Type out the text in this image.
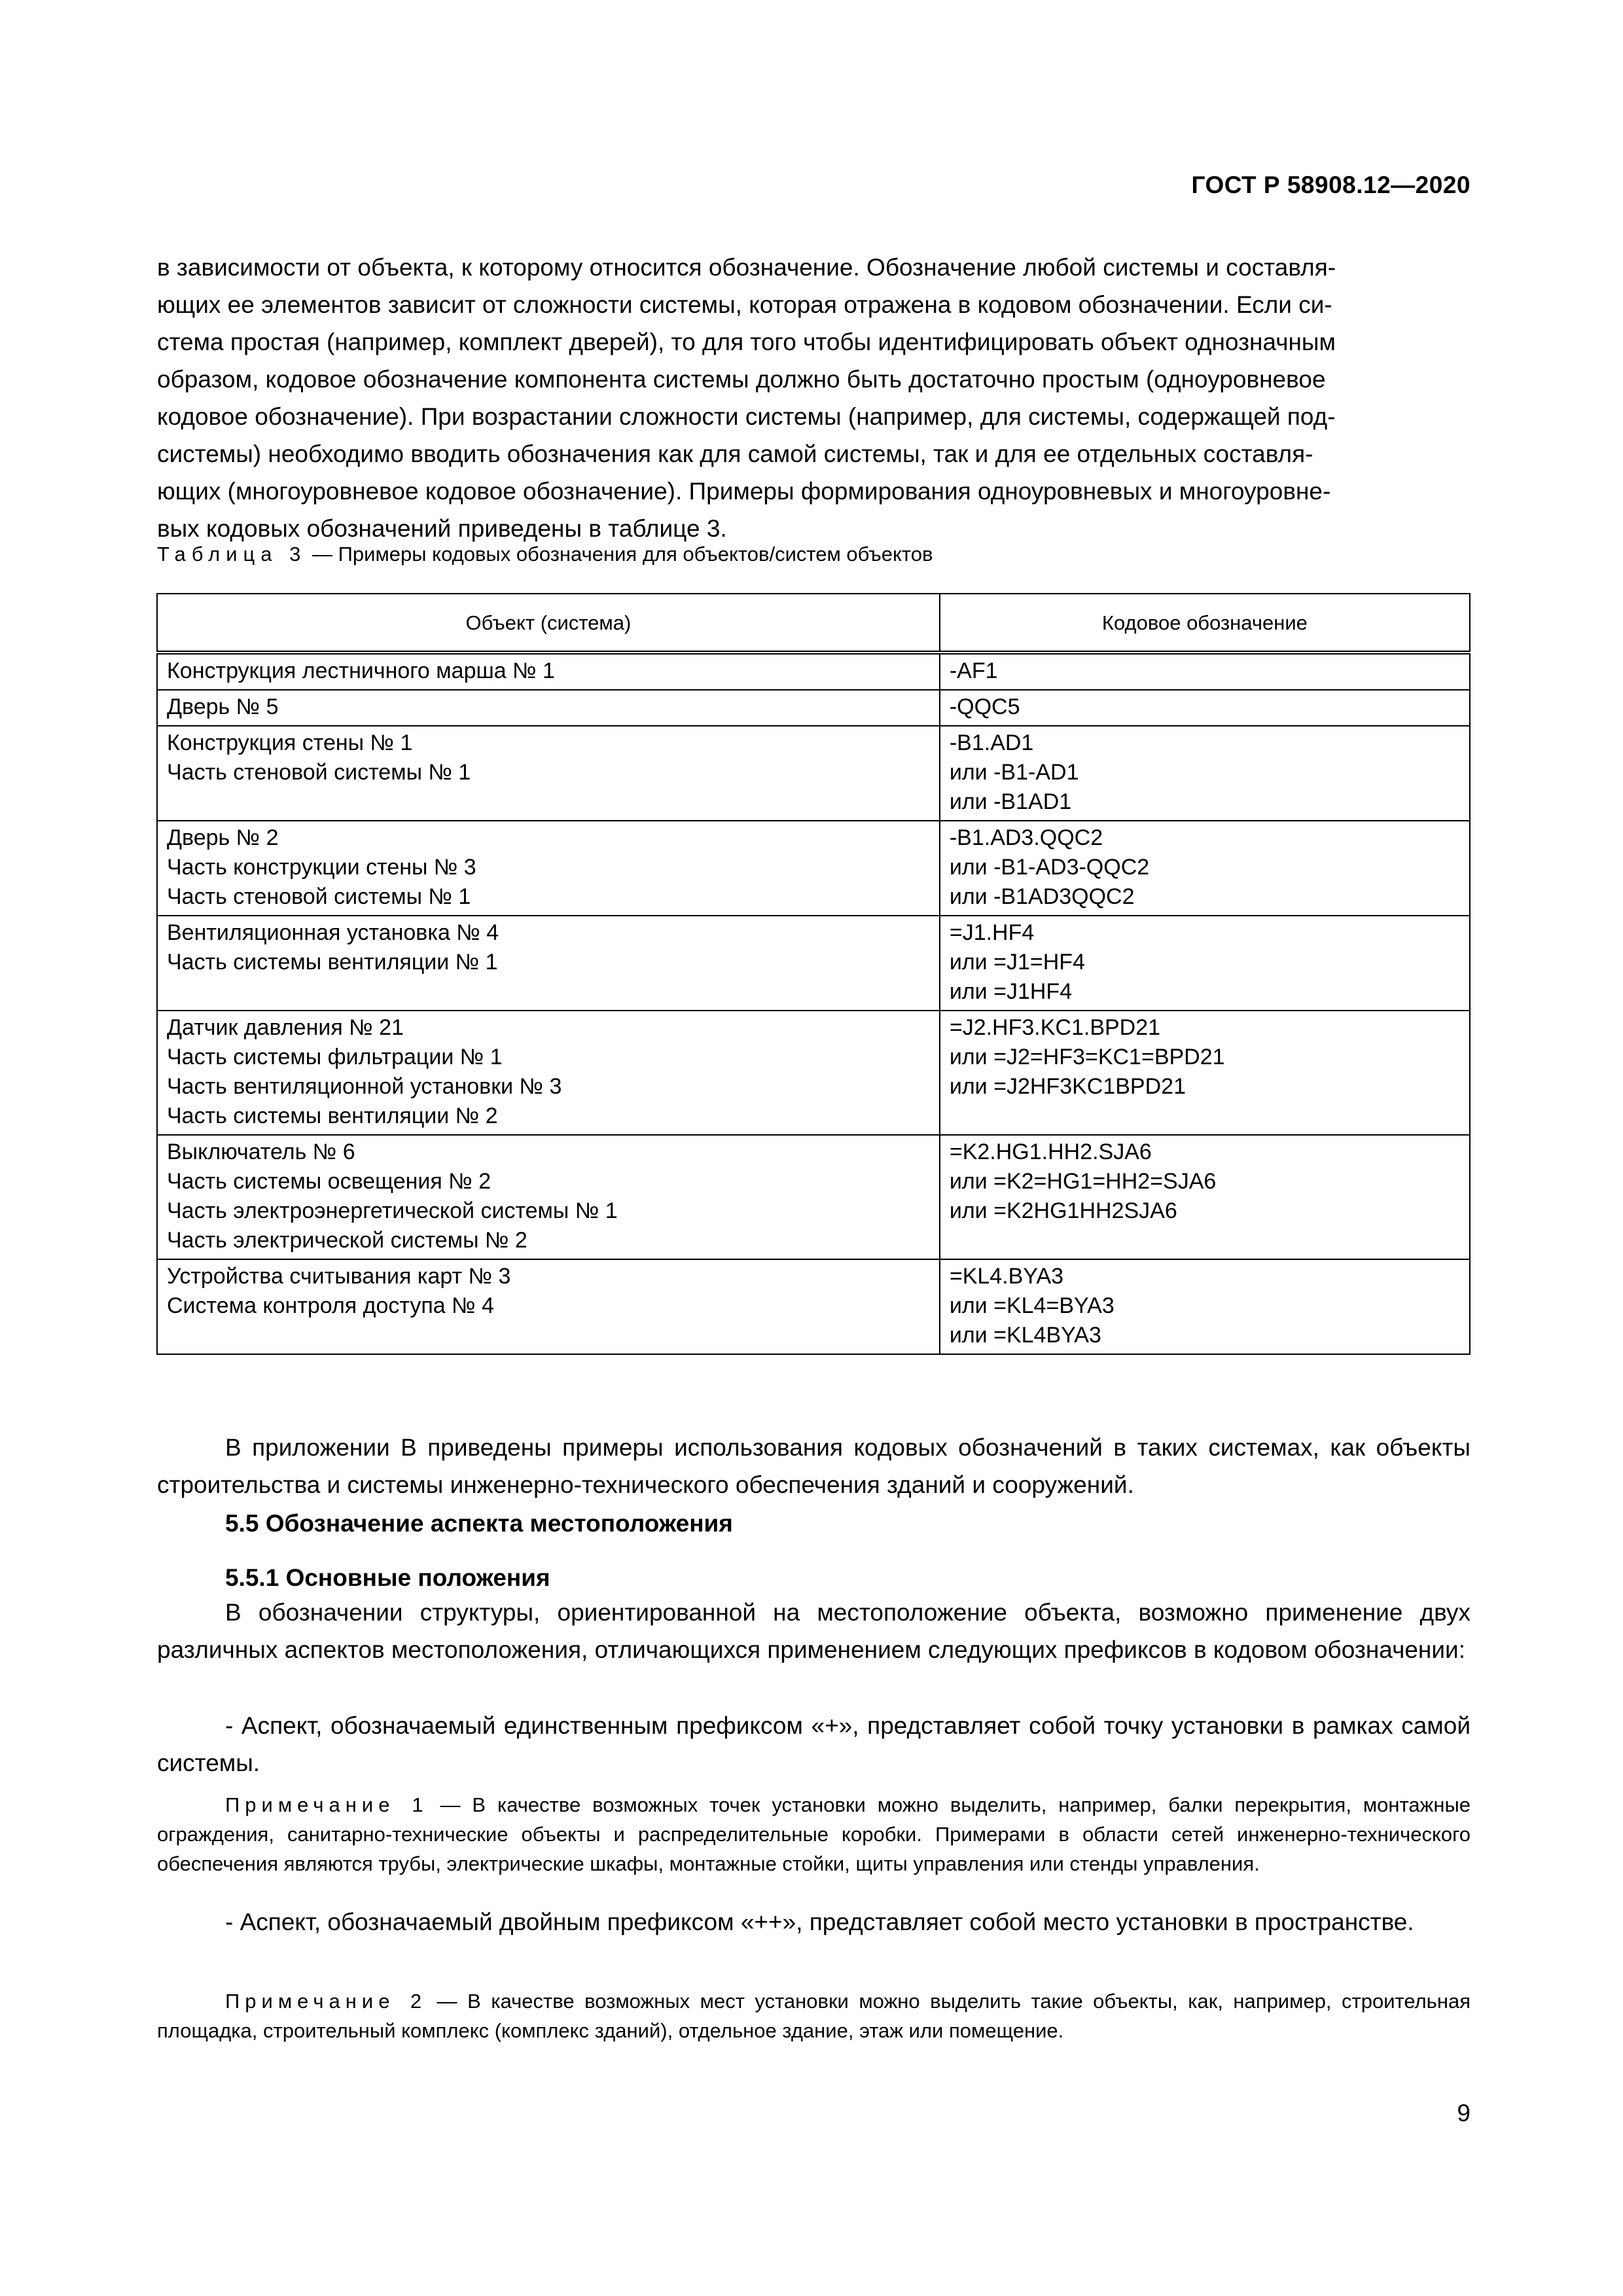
ГОСТ Р 58908.12—2020
в зависимости от объекта, к которому относится обозначение. Обозначение любой системы и составля-
ющих ее элементов зависит от сложности системы, которая отражена в кодовом обозначении. Если си-
стема простая (например, комплект дверей), то для того чтобы идентифицировать объект однозначным
образом, кодовое обозначение компонента системы должно быть достаточно простым (одноуровневое
кодовое обозначение). При возрастании сложности системы (например, для системы, содержащей под-
системы) необходимо вводить обозначения как для самой системы, так и для ее отдельных составля-
ющих (многоуровневое кодовое обозначение). Примеры формирования одноуровневых и многоуровне-
вых кодовых обозначений приведены в таблице 3.
Таблица 3 — Примеры кодовых обозначения для объектов/систем объектов
Объект (система)	Кодовое обозначение

Конструкция лестничного марша № 1	-AF1

Дверь № 5	-QQC5

Конструкция стены № 1
Часть стеновой системы № 1	-B1.AD1
или -B1-AD1
или -B1AD1

Дверь № 2
Часть конструкции стены № 3
Часть стеновой системы № 1	-B1.AD3.QQC2
или -B1-AD3-QQC2
или -B1AD3QQC2

Вентиляционная установка № 4
Часть системы вентиляции № 1	=J1.HF4
или =J1=HF4
или =J1HF4

Датчик давления № 21
Часть системы фильтрации № 1
Часть вентиляционной установки № 3
Часть системы вентиляции № 2	=J2.HF3.KC1.BPD21
или =J2=HF3=KC1=BPD21
или =J2HF3KC1BPD21

Выключатель № 6
Часть системы освещения № 2
Часть электроэнергетической системы № 1
Часть электрической системы № 2	=K2.HG1.HH2.SJA6
или =K2=HG1=HH2=SJA6
или =K2HG1HH2SJA6

Устройства считывания карт № 3
Система контроля доступа № 4	=KL4.BYA3
или =KL4=BYA3
или =KL4BYA3
В приложении В приведены примеры использования кодовых обозначений в таких системах, как объекты строительства и системы инженерно-технического обеспечения зданий и сооружений.
5.5 Обозначение аспекта местоположения
5.5.1 Основные положения
В обозначении структуры, ориентированной на местоположение объекта, возможно применение двух различных аспектов местоположения, отличающихся применением следующих префиксов в кодовом обозначении:
- Аспект, обозначаемый единственным префиксом «+», представляет собой точку установки в рамках самой системы.
Примечание 1 — В качестве возможных точек установки можно выделить, например, балки перекрытия, монтажные ограждения, санитарно-технические объекты и распределительные коробки. Примерами в области сетей инженерно-технического обеспечения являются трубы, электрические шкафы, монтажные стойки, щиты управления или стенды управления.
- Аспект, обозначаемый двойным префиксом «++», представляет собой место установки в пространстве.
Примечание 2 — В качестве возможных мест установки можно выделить такие объекты, как, например, строительная площадка, строительный комплекс (комплекс зданий), отдельное здание, этаж или помещение.
9
